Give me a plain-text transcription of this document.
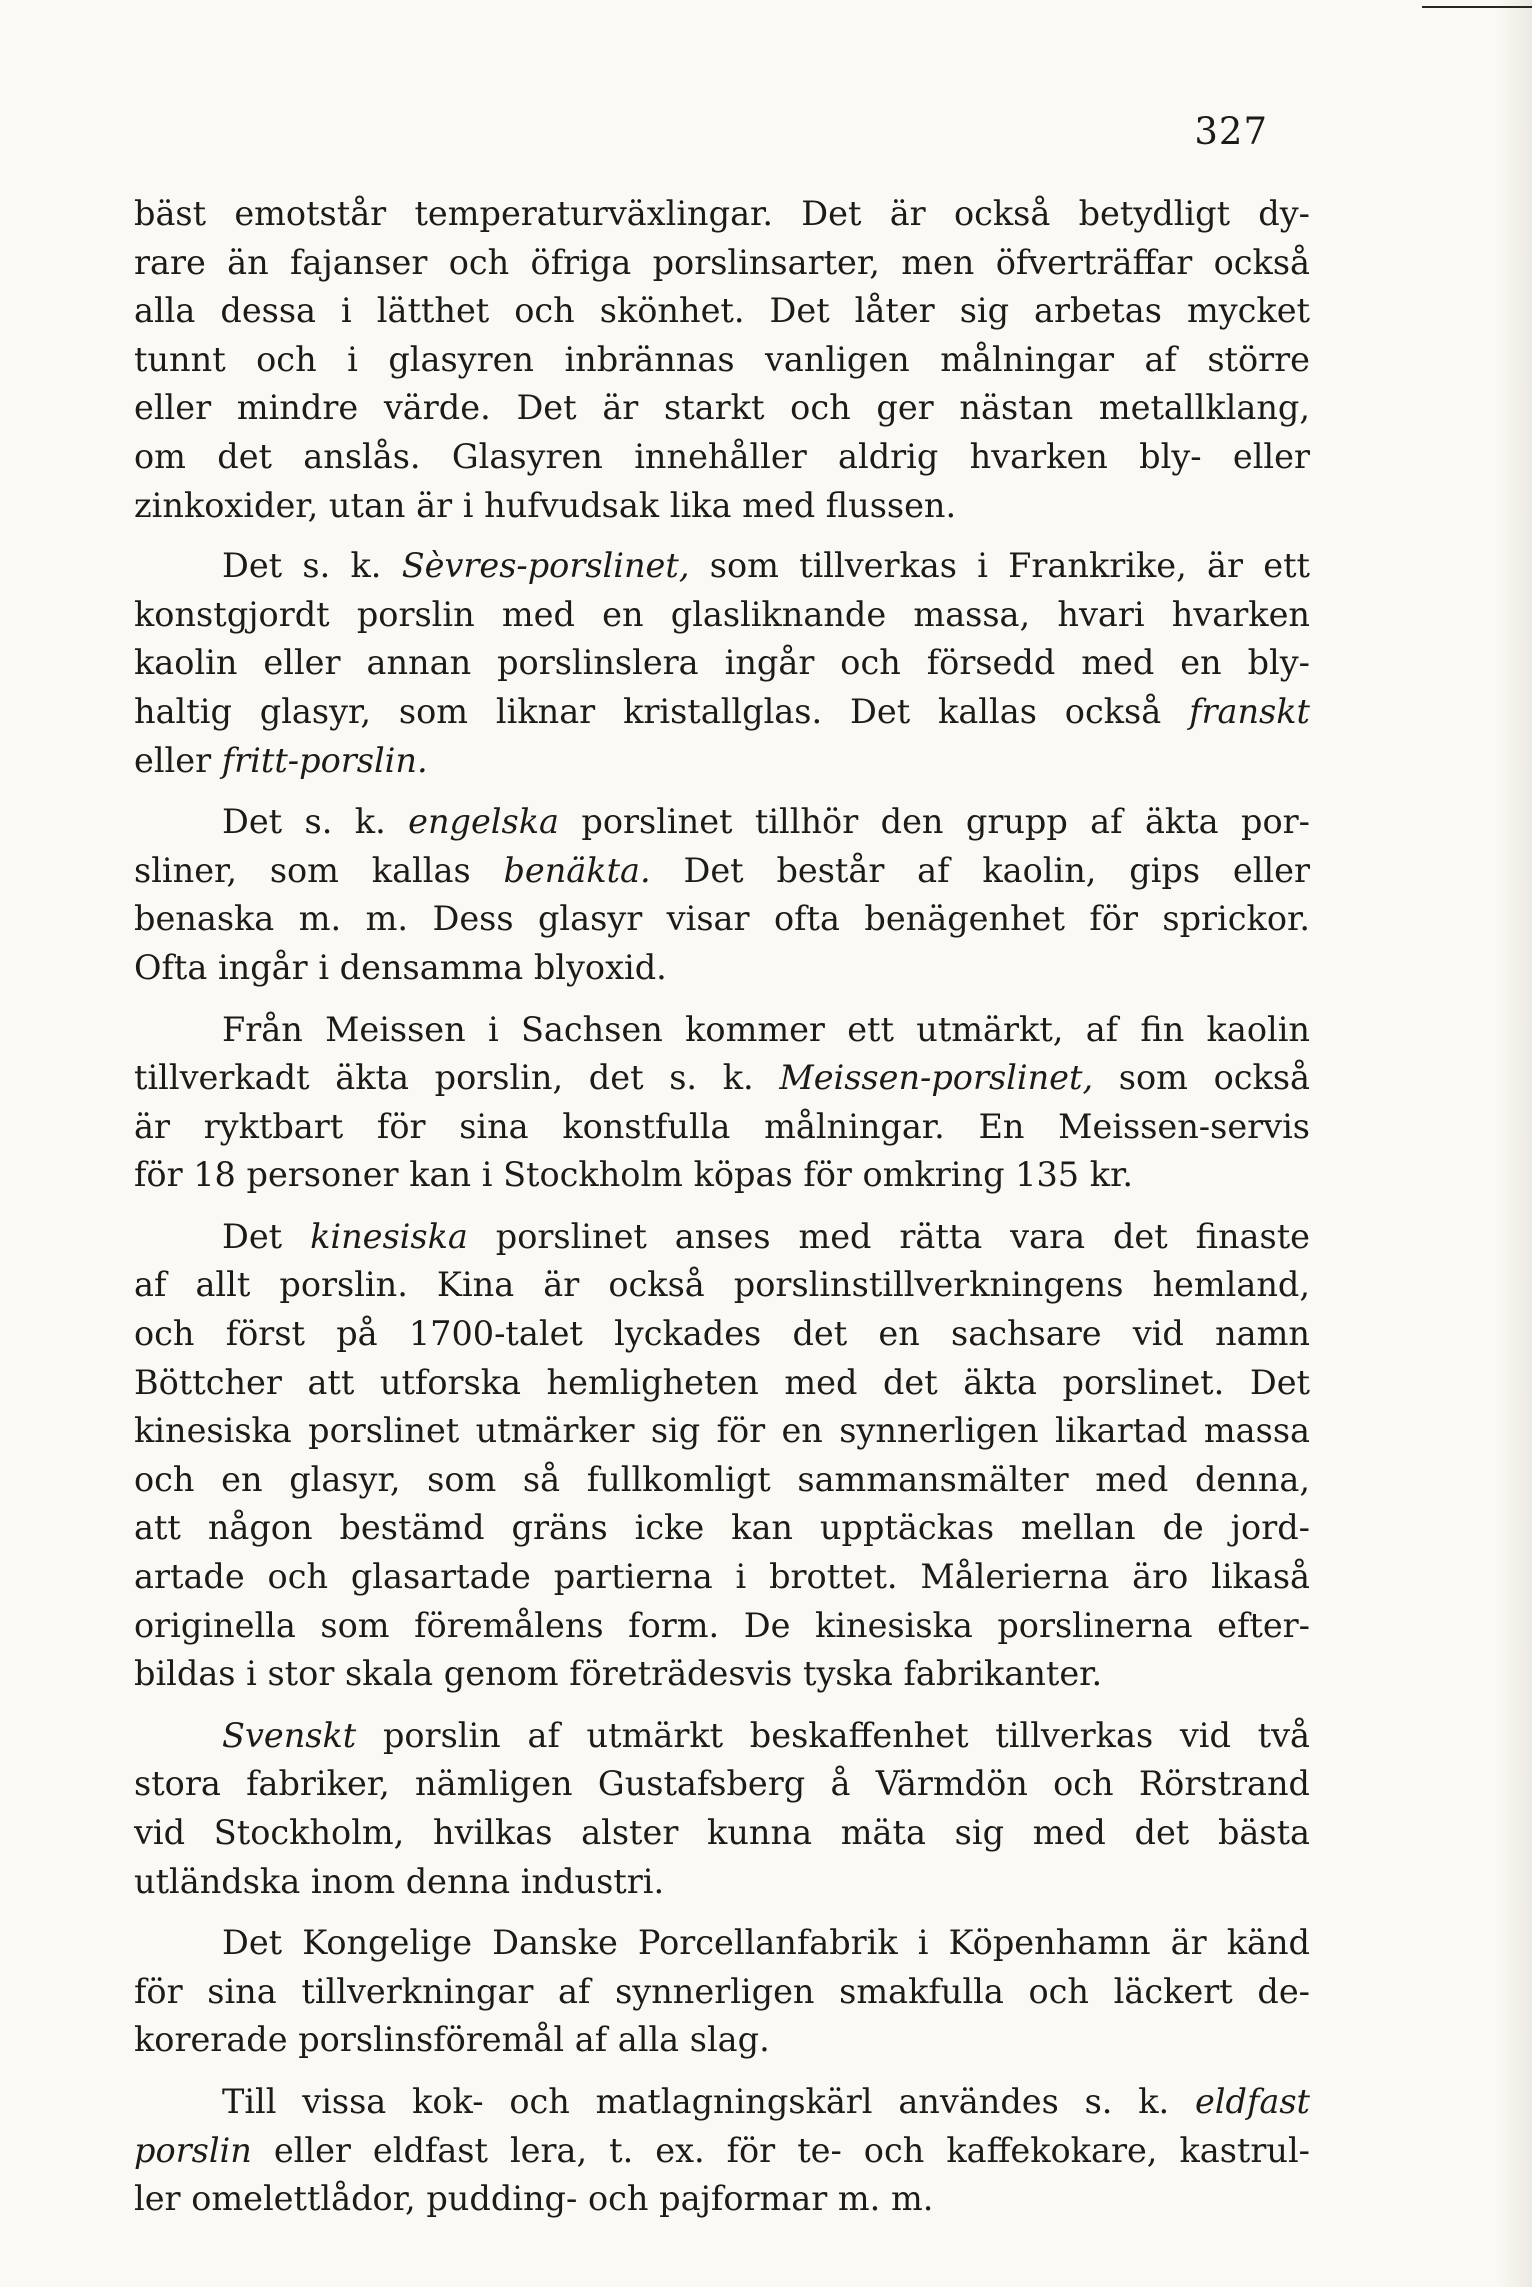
327

bäst emotstår temperaturväxlingar. Det är också betydligt dy-
rare än fajanser och öfriga porslinsarter, men öfverträffar också
alla dessa i lätthet och skönhet. Det låter sig arbetas mycket
tunnt och i glasyren inbrännas vanligen målningar af större
eller mindre värde. Det är starkt och ger nästan metallklang,
om det anslås. Glasyren innehåller aldrig hvarken bly- eller
zinkoxider, utan är i hufvudsak lika med flussen.

Det s. k. Sèvres-porslinet, som tillverkas i Frankrike, är ett
konstgjordt porslin med en glasliknande massa, hvari hvarken
kaolin eller annan porslinslera ingår och försedd med en bly-
haltig glasyr, som liknar kristallglas. Det kallas också franskt
eller fritt-porslin.

Det s. k. engelska porslinet tillhör den grupp af äkta por-
sliner, som kallas benäkta. Det består af kaolin, gips eller
benaska m. m. Dess glasyr visar ofta benägenhet för sprickor.
Ofta ingår i densamma blyoxid.

Från Meissen i Sachsen kommer ett utmärkt, af fin kaolin
tillverkadt äkta porslin, det s. k. Meissen-porslinet, som också
är ryktbart för sina konstfulla målningar. En Meissen-servis
för 18 personer kan i Stockholm köpas för omkring 135 kr.

Det kinesiska porslinet anses med rätta vara det finaste
af allt porslin. Kina är också porslinstillverkningens hemland,
och först på 1700-talet lyckades det en sachsare vid namn
Böttcher att utforska hemligheten med det äkta porslinet. Det
kinesiska porslinet utmärker sig för en synnerligen likartad massa
och en glasyr, som så fullkomligt sammansmälter med denna,
att någon bestämd gräns icke kan upptäckas mellan de jord-
artade och glasartade partierna i brottet. Målerierna äro likaså
originella som föremålens form. De kinesiska porslinerna efter-
bildas i stor skala genom företrädesvis tyska fabrikanter.

Svenskt porslin af utmärkt beskaffenhet tillverkas vid två
stora fabriker, nämligen Gustafsberg å Värmdön och Rörstrand
vid Stockholm, hvilkas alster kunna mäta sig med det bästa
utländska inom denna industri.

Det Kongelige Danske Porcellanfabrik i Köpenhamn är känd
för sina tillverkningar af synnerligen smakfulla och läckert de-
korerade porslinsföremål af alla slag.

Till vissa kok- och matlagningskärl användes s. k. eldfast
porslin eller eldfast lera, t. ex. för te- och kaffekokare, kastrul-
ler omelettlådor, pudding- och pajformar m. m.
